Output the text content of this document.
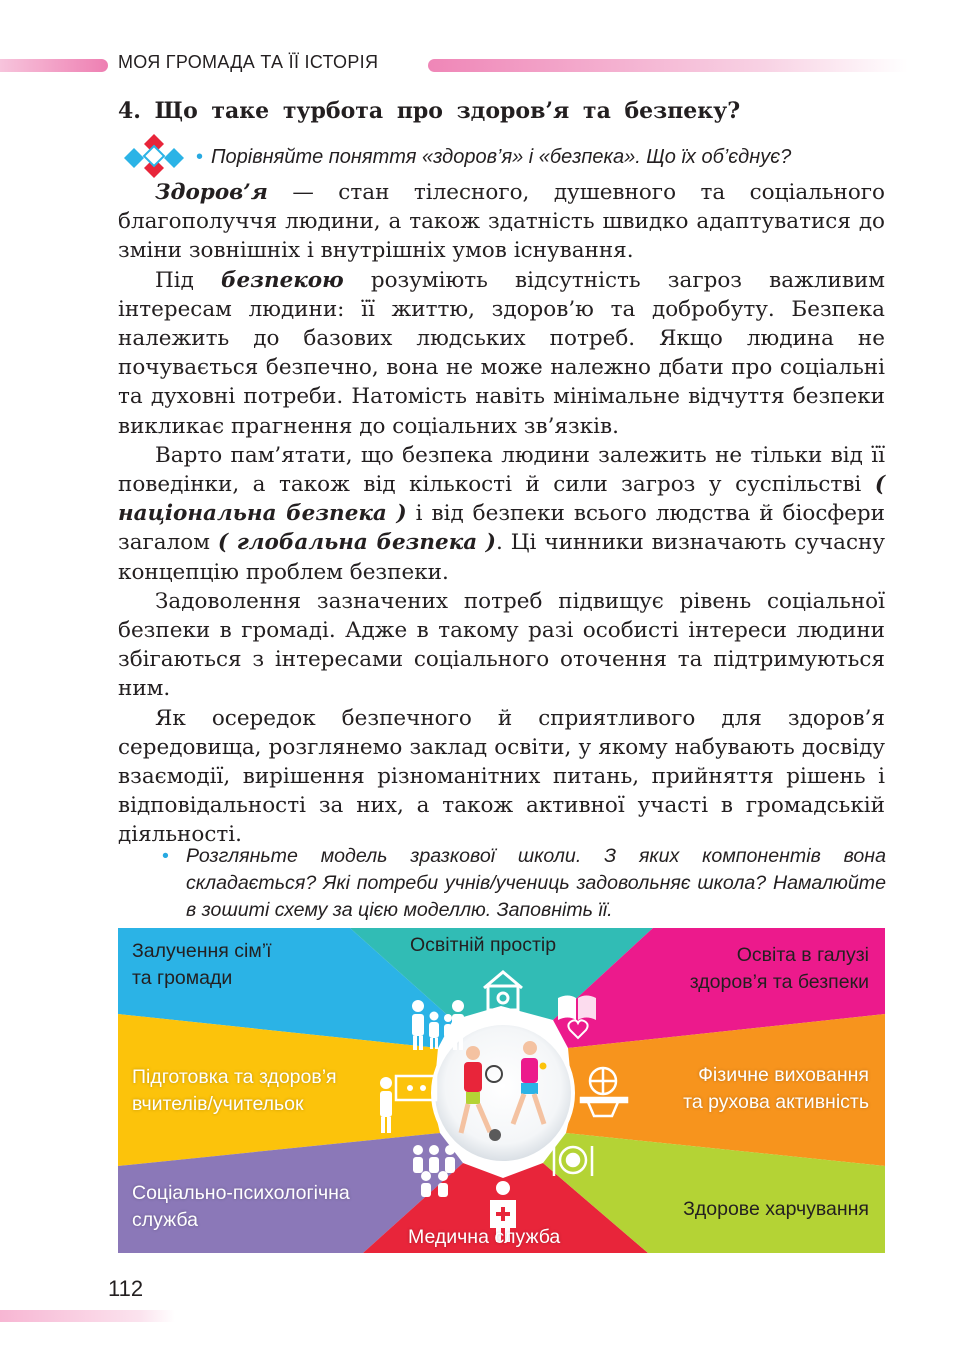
МОЯ ГРОМАДА ТА ЇЇ ІСТОРІЯ
4. Що таке турбота про здоров’я та безпеку?
• Порівняйте поняття «здоров’я» і «безпека». Що їх об’єднує?

Здоров’я — стан тілесного, душевного та соціального благополуччя людини, а також здатність швидко адаптуватися до зміни зовнішніх і внутрішніх умов існування.

Під безпекою розуміють відсутність загроз важливим інтересам людини: її життю, здоров’ю та добробуту. Безпека належить до базових людських потреб. Якщо людина не почувається безпечно, вона не може належно дбати про соціальні та духовні потреби. Натомість навіть мінімальне відчуття безпеки викликає прагнення до соціальних зв’язків.

Варто пам’ятати, що безпека людини залежить не тільки від її поведінки, а також від кількості й сили загроз у суспільстві ( національна безпека ) і від безпеки всього людства й біосфери загалом ( глобальна безпека ). Ці чинники визначають сучасну концепцію проблем безпеки.

Задоволення зазначених потреб підвищує рівень соціальної безпеки в громаді. Адже в такому разі особисті інтереси людини збігаються з інтересами соціального оточення та підтримуються ним.

Як осередок безпечного й сприятливого для здоров’я середовища, розглянемо заклад освіти, у якому набувають досвіду взаємодії, вирішення різноманітних питань, прийняття рішень і відповідальності за них, а також активної участі в громадській діяльності.

• Розгляньте модель зразкової школи. З яких компонентів вона складається? Які потреби учнів/учениць задовольняє школа? Намалюйте в зошиті схему за цією моделлю. Заповніть її.

Залучення сім’ї
та громади
Освітній простір	Освіта в галузі
здоров’я та безпеки
Підготовка та здоров’я
вчителів/учительок
Фізичне виховання
та рухова активність
Соціально-психологічна
служба
Медична служба
Здорове харчування
112
